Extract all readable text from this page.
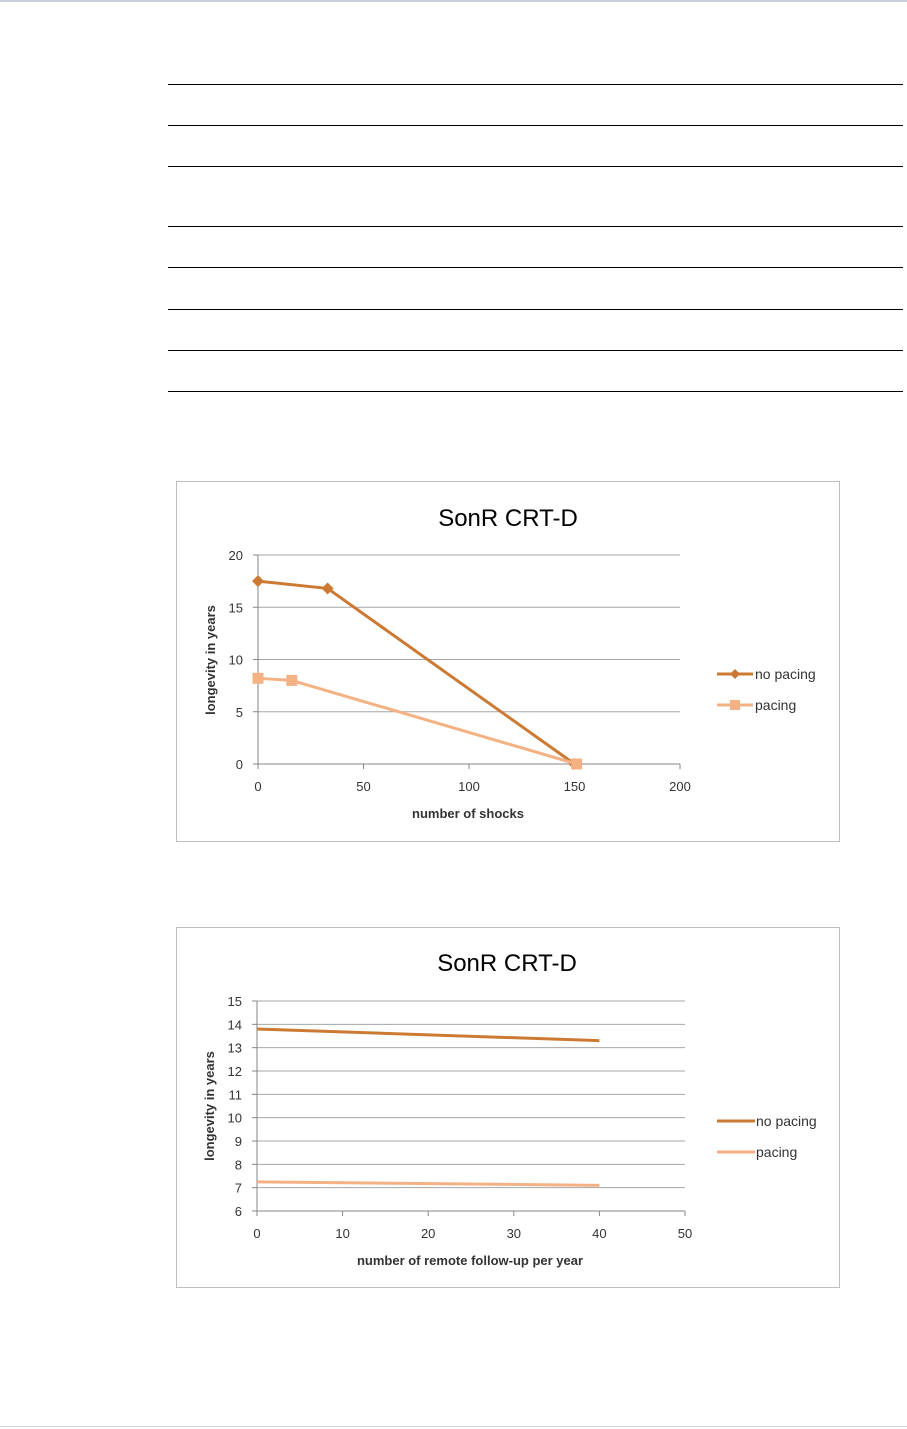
SonR CRT-D
0
5
10
15
20
0	50	100	150	200
number of shocks
longevity in years	no pacing
pacing
SonR CRT-D
6
7
8
9
10
11
12
13
14
15
0	10	20	30	40	50
number of remote follow-up per year
longevity in years	no pacing
pacing
